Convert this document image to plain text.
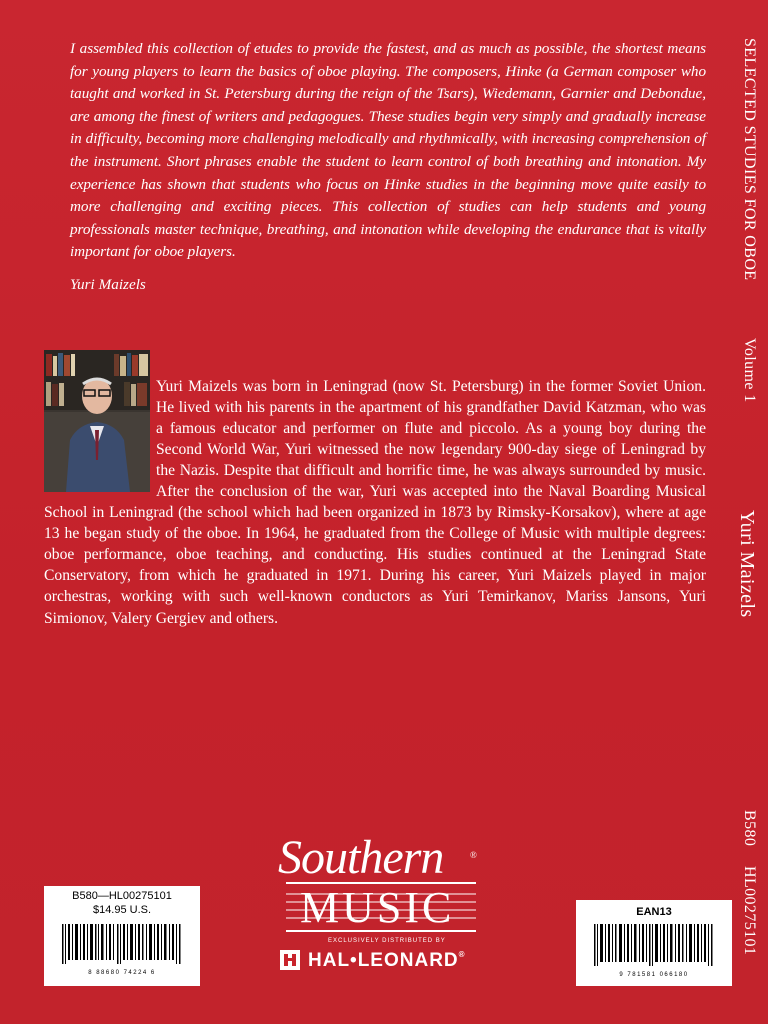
I assembled this collection of etudes to provide the fastest, and as much as possible, the shortest means for young players to learn the basics of oboe playing. The composers, Hinke (a German composer who taught and worked in St. Petersburg during the reign of the Tsars), Wiedemann, Garnier and Debondue, are among the finest of writers and pedagogues. These studies begin very simply and gradually increase in difficulty, becoming more challenging melodically and rhythmically, with increasing comprehension of the instrument. Short phrases enable the student to learn control of both breathing and intonation. My experience has shown that students who focus on Hinke studies in the beginning move quite easily to more challenging and exciting pieces. This collection of studies can help students and young professionals master technique, breathing, and intonation while developing the endurance that is vitally important for oboe players.

Yuri Maizels
Yuri Maizels was born in Leningrad (now St. Petersburg) in the former Soviet Union. He lived with his parents in the apartment of his grandfather David Katzman, who was a famous educator and performer on flute and piccolo. As a young boy during the Second World War, Yuri witnessed the now legendary 900-day siege of Leningrad by the Nazis. Despite that difficult and horrific time, he was always surrounded by music. After the conclusion of the war, Yuri was accepted into the Naval Boarding Musical School in Leningrad (the school which had been organized in 1873 by Rimsky-Korsakov), where at age 13 he began study of the oboe. In 1964, he graduated from the College of Music with multiple degrees: oboe performance, oboe teaching, and conducting. His studies continued at the Leningrad State Conservatory, from which he graduated in 1971. During his career, Yuri Maizels played in major orchestras, working with such well-known conductors as Yuri Temirkanov, Mariss Jansons, Yuri Simionov, Valery Gergiev and others.
SELECTED STUDIES FOR OBOE
Volume 1
Yuri Maizels
B580
HL00275101
Southern	®
MUSIC
EXCLUSIVELY DISTRIBUTED BY
HAL•LEONARD®
B580—HL00275101
$14.95 U.S.
8 88680 74224 6
EAN13
9 781581 066180
